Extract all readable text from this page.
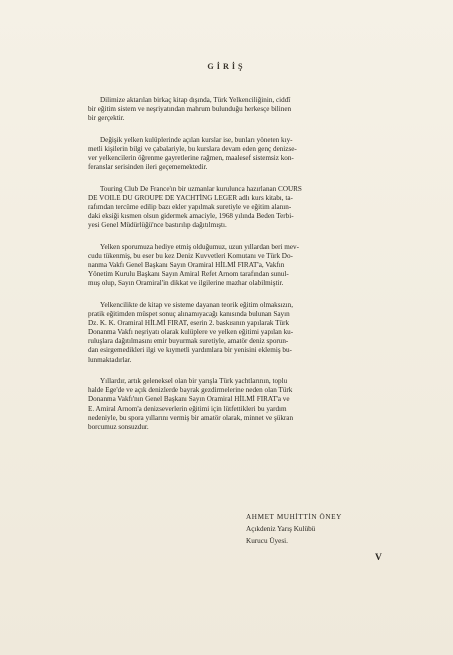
GİRİŞ

Dilimize aktarılan birkaç kitap dışında, Türk Yelkenciliğinin, ciddî
bir eğitim sistem ve neşriyatından mahrum bulunduğu herkesçe bilinen
bir gerçektir.

Değişik yelken kulüplerinde açılan kurslar ise, bunları yöneten kıy-
metli kişilerin bilgi ve çabalariyle, bu kurslara devam eden genç denizse-
ver yelkencilerin öğrenme gayretlerine rağmen, maalesef sistemsiz kon-
feranslar serisinden ileri geçememektedir.

Touring Club De France'ın bir uzmanlar kurulunca hazırlanan COURS
DE VOILE DU GROUPE DE YACHTİNG LEGER adlı kurs kitabı, ta-
rafımdan tercüme edilip bazı ekler yapılmak suretiyle ve eğitim alanın-
daki eksiği kısmen olsun gidermek amaciyle, 1968 yılında Beden Terbi-
yesi Genel Müdürlüğü'nce bastırılıp dağıtılmıştı.

Yelken sporumuza hediye etmiş olduğumuz, uzun yıllardan beri mev-
cudu tükenmiş, bu eser bu kez Deniz Kuvvetleri Komutanı ve Türk Do-
nanma Vakfı Genel Başkanı Sayın Oramiral HİLMİ FIRAT'a, Vakfın
Yönetim Kurulu Başkanı Sayın Amiral Refet Arnom tarafından sunul-
muş olup, Sayın Oramiral'in dikkat ve ilgilerine mazhar olabilmiştir.

Yelkencilikte de kitap ve sisteme dayanan teorik eğitim olmaksızın,
pratik eğitimden müspet sonuç alınamıyacağı kanısında bulunan Sayın
Dz. K. K. Oramiral HİLMİ FIRAT, eserin 2. baskısının yapılarak Türk
Donanma Vakfı neşriyatı olarak kulüplere ve yelken eğitimi yapılan ku-
ruluşlara dağıtılmasını emir buyurmak suretiyle, amatör deniz sporun-
dan esirgemedikleri ilgi ve kıymetli yardımlara bir yenisini eklemiş bu-
lunmaktadırlar.

Yıllardır, artık geleneksel olan bir yarışla Türk yachtlarının, toplu
halde Ege'de ve açık denizlerde bayrak gezdirmelerine neden olan Türk
Donanma Vakfı'nın Genel Başkanı Sayın Oramiral HİLMİ FIRAT'a ve
E. Amiral Arnom'a denizseverlerin eğitimi için lütfettikleri bu yardım
nedeniyle, bu spora yıllarını vermiş bir amatör olarak, minnet ve şükran
borcumuz sonsuzdur.

AHMET MUHİTTİN ÖNEY
Açıkdeniz Yarış Kulübü
Kurucu Üyesi.
V
